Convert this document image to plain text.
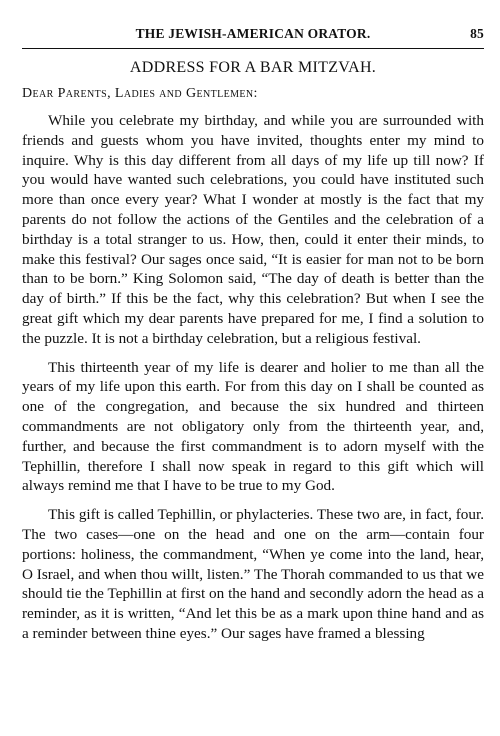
THE JEWISH-AMERICAN ORATOR.	85
ADDRESS FOR A BAR MITZVAH.
Dear Parents, Ladies and Gentlemen:

While you celebrate my birthday, and while you are surrounded with friends and guests whom you have invited, thoughts enter my mind to inquire. Why is this day different from all days of my life up till now? If you would have wanted such celebrations, you could have instituted such more than once every year? What I wonder at mostly is the fact that my parents do not follow the actions of the Gentiles and the celebration of a birthday is a total stranger to us. How, then, could it enter their minds, to make this festival? Our sages once said, “It is easier for man not to be born than to be born.” King Solomon said, “The day of death is better than the day of birth.” If this be the fact, why this celebration? But when I see the great gift which my dear parents have prepared for me, I find a solution to the puzzle. It is not a birthday celebration, but a religious festival.

This thirteenth year of my life is dearer and holier to me than all the years of my life upon this earth. For from this day on I shall be counted as one of the congregation, and because the six hundred and thirteen commandments are not obligatory only from the thirteenth year, and, further, and because the first commandment is to adorn myself with the Tephillin, therefore I shall now speak in regard to this gift which will always remind me that I have to be true to my God.

This gift is called Tephillin, or phylacteries. These two are, in fact, four. The two cases—one on the head and one on the arm—contain four portions: holiness, the commandment, “When ye come into the land, hear, O Israel, and when thou willt, listen.” The Thorah commanded to us that we should tie the Tephillin at first on the hand and secondly adorn the head as a reminder, as it is written, “And let this be as a mark upon thine hand and as a reminder between thine eyes.” Our sages have framed a blessing
